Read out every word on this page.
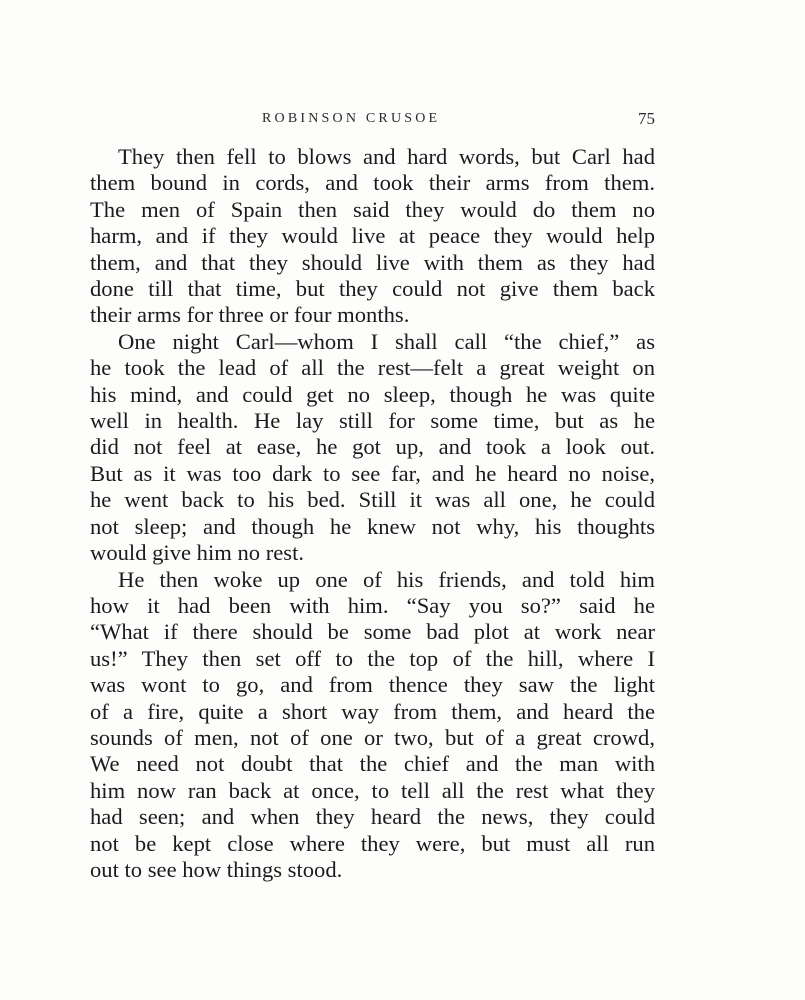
ROBINSON CRUSOE	75
They then fell to blows and hard words, but Carl had
them bound in cords, and took their arms from them.
The men of Spain then said they would do them no
harm, and if they would live at peace they would help
them, and that they should live with them as they had
done till that time, but they could not give them back
their arms for three or four months.
One night Carl—whom I shall call “the chief,” as
he took the lead of all the rest—felt a great weight on
his mind, and could get no sleep, though he was quite
well in health. He lay still for some time, but as he
did not feel at ease, he got up, and took a look out.
But as it was too dark to see far, and he heard no noise,
he went back to his bed. Still it was all one, he could
not sleep; and though he knew not why, his thoughts
would give him no rest.
He then woke up one of his friends, and told him
how it had been with him. “Say you so?” said he
“What if there should be some bad plot at work near
us!” They then set off to the top of the hill, where I
was wont to go, and from thence they saw the light
of a fire, quite a short way from them, and heard the
sounds of men, not of one or two, but of a great crowd,
We need not doubt that the chief and the man with
him now ran back at once, to tell all the rest what they
had seen; and when they heard the news, they could
not be kept close where they were, but must all run
out to see how things stood.
